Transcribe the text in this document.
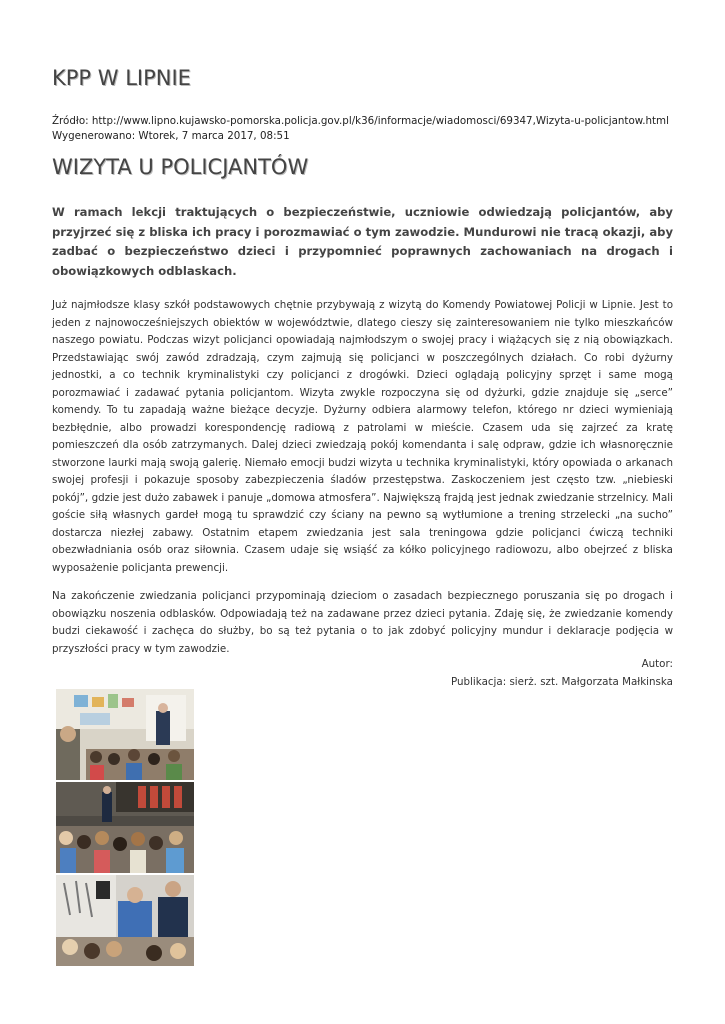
KPP W LIPNIE
Źródło: http://www.lipno.kujawsko-pomorska.policja.gov.pl/k36/informacje/wiadomosci/69347,Wizyta-u-policjantow.html
Wygenerowano: Wtorek, 7 marca 2017, 08:51
WIZYTA U POLICJANTÓW

W ramach lekcji traktujących o bezpieczeństwie, uczniowie odwiedzają policjantów, aby przyjrzeć się z bliska ich pracy i porozmawiać o tym zawodzie. Mundurowi nie tracą okazji, aby zadbać o bezpieczeństwo dzieci i przypomnieć poprawnych zachowaniach na drogach i obowiązkowych odblaskach.

Już najmłodsze klasy szkół podstawowych chętnie przybywają z wizytą do Komendy Powiatowej Policji w Lipnie. Jest to jeden z najnowocześniejszych obiektów w województwie, dlatego cieszy się zainteresowaniem nie tylko mieszkańców naszego powiatu. Podczas wizyt policjanci opowiadają najmłodszym o swojej pracy i wiążących się z nią obowiązkach. Przedstawiając swój zawód zdradzają, czym zajmują się policjanci w poszczególnych działach. Co robi dyżurny jednostki, a co technik kryminalistyki czy policjanci z drogówki. Dzieci oglądają policyjny sprzęt i same mogą porozmawiać i zadawać pytania policjantom. Wizyta zwykle rozpoczyna się od dyżurki, gdzie znajduje się „serce” komendy. To tu zapadają ważne bieżące decyzje. Dyżurny odbiera alarmowy telefon, którego nr dzieci wymieniają bezbłędnie, albo prowadzi korespondencję radiową z patrolami w mieście. Czasem uda się zajrzeć za kratę pomieszczeń dla osób zatrzymanych. Dalej dzieci zwiedzają pokój komendanta i salę odpraw, gdzie ich własnoręcznie stworzone laurki mają swoją galerię. Niemało emocji budzi wizyta u technika kryminalistyki, który opowiada o arkanach swojej profesji i pokazuje sposoby zabezpieczenia śladów przestępstwa. Zaskoczeniem jest często tzw. „niebieski pokój”, gdzie jest dużo zabawek i panuje „domowa atmosfera”. Największą frajdą jest jednak zwiedzanie strzelnicy. Mali goście siłą własnych gardeł mogą tu sprawdzić czy ściany na pewno są wytłumione a trening strzelecki „na sucho” dostarcza niezłej zabawy. Ostatnim etapem zwiedzania jest sala treningowa gdzie policjanci ćwiczą techniki obezwładniania osób oraz siłownia. Czasem udaje się wsiąść za kółko policyjnego radiowozu, albo obejrzeć z bliska wyposażenie policjanta prewencji.

Na zakończenie zwiedzania policjanci przypominają dzieciom o zasadach bezpiecznego poruszania się po drogach i obowiązku noszenia odblasków. Odpowiadają też na zadawane przez dzieci pytania. Zdaję się, że zwiedzanie komendy budzi ciekawość i zachęca do służby, bo są też pytania o to jak zdobyć policyjny mundur i deklaracje podjęcia w przyszłości pracy w tym zawodzie.

Autor:
Publikacja: sierż. szt. Małgorzata Małkinska
